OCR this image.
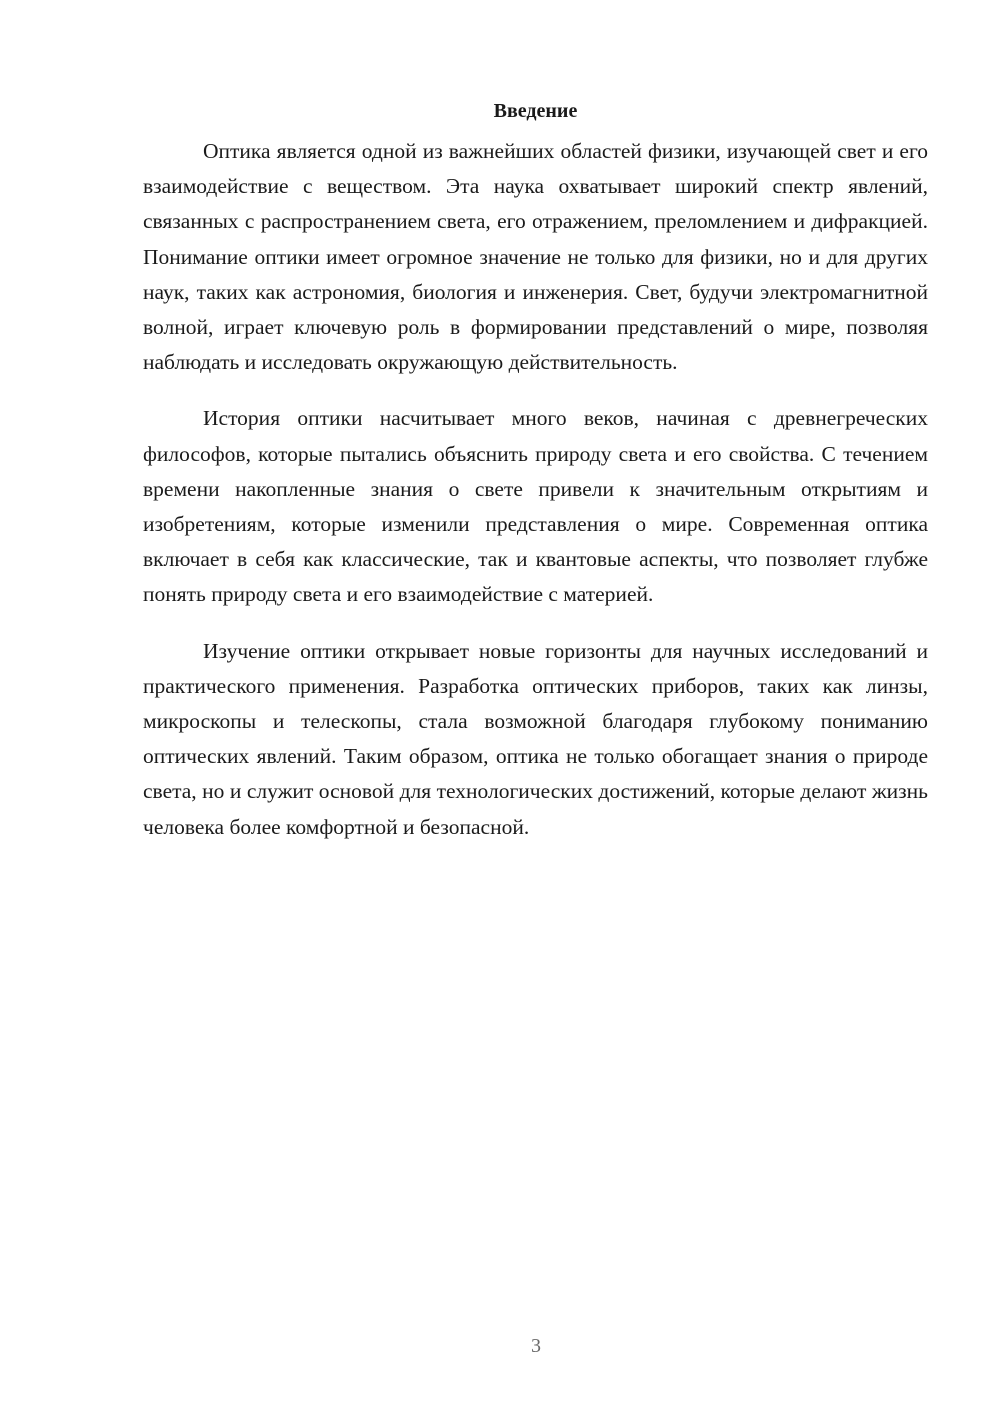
Введение

Оптика является одной из важнейших областей физики, изучающей свет и его взаимодействие с веществом. Эта наука охватывает широкий спектр явлений, связанных с распространением света, его отражением, преломлением и дифракцией. Понимание оптики имеет огромное значение не только для физики, но и для других наук, таких как астрономия, биология и инженерия. Свет, будучи электромагнитной волной, играет ключевую роль в формировании представлений о мире, позволяя наблюдать и исследовать окружающую действительность.

История оптики насчитывает много веков, начиная с древнегреческих философов, которые пытались объяснить природу света и его свойства. С течением времени накопленные знания о свете привели к значительным открытиям и изобретениям, которые изменили представления о мире. Современная оптика включает в себя как классические, так и квантовые аспекты, что позволяет глубже понять природу света и его взаимодействие с материей.

Изучение оптики открывает новые горизонты для научных исследований и практического применения. Разработка оптических приборов, таких как линзы, микроскопы и телескопы, стала возможной благодаря глубокому пониманию оптических явлений. Таким образом, оптика не только обогащает знания о природе света, но и служит основой для технологических достижений, которые делают жизнь человека более комфортной и безопасной.

3
